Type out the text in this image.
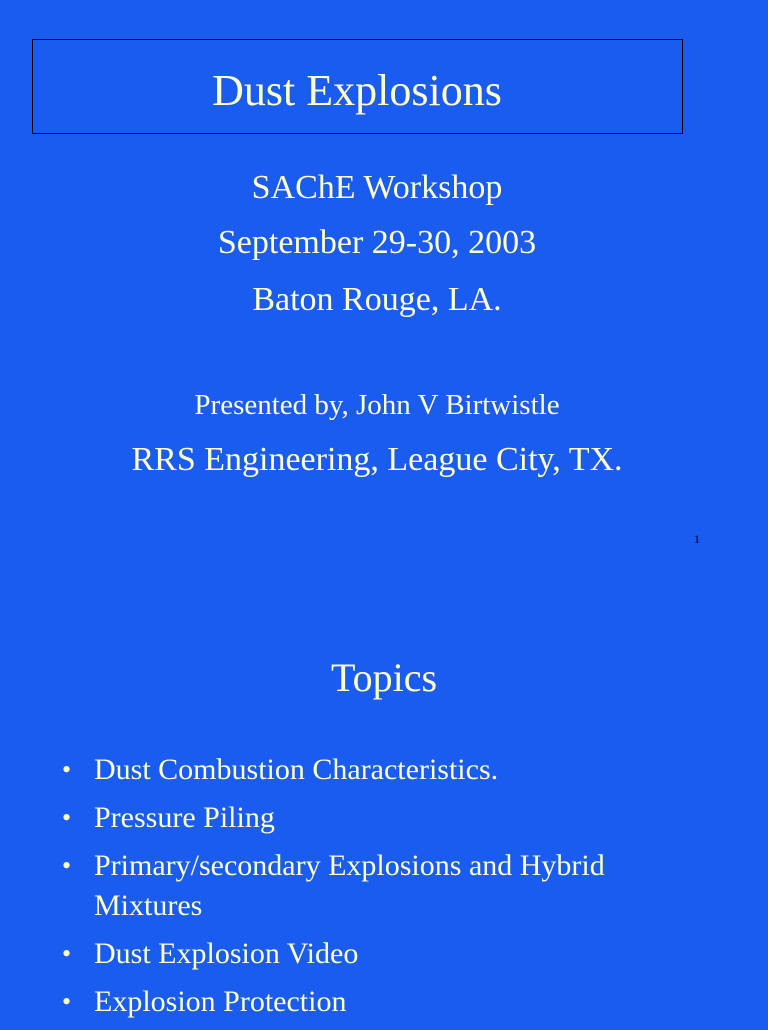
Dust Explosions
SAChE Workshop
September 29-30, 2003
Baton Rouge, LA.
Presented by, John V Birtwistle
RRS Engineering, League City, TX.
1
Topics
• Dust Combustion Characteristics.
• Pressure Piling
• Primary/secondary Explosions and Hybrid Mixtures
• Dust Explosion Video
• Explosion Protection
